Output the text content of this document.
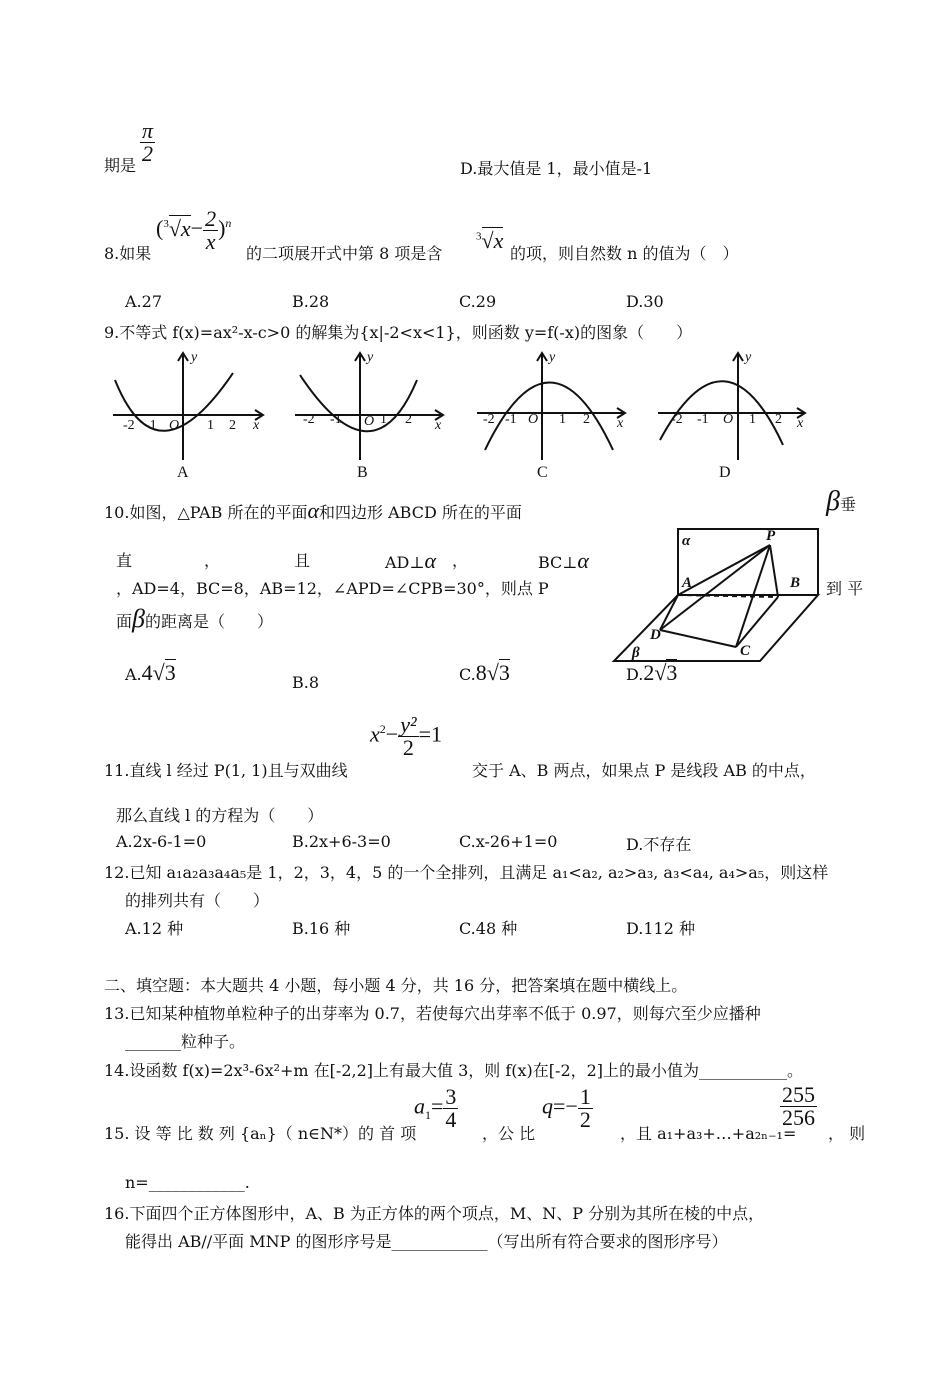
期是
$\frac{\pi}{2}$
D.最大值是 1，最小值是-1
8.如果
$(^3√x- \frac{2}{x} )^n$
的二项展开式中第 8 项是含
$^3$√x
的项，则自然数 n 的值为（　）
A.27	B.28	C.29	D.30
9.不等式 f(x)=ax²-x-c>0 的解集为{x|-2<x<1}，则函数 y=f(-x)的图象（　　）
y
x
O
-2 -1	1 2
A
y
x
O
-2 -1	1 2
B
y
x
O
-2 -1	1 2
C
y
x
O
-2 -1	1 2
D
10.如图，△PAB 所在的平面α和四边形 ABCD 所在的平面	β垂
直	，	且	AD⊥α ，	BC⊥α
，AD=4，BC=8，AB=12，∠APD=∠CPB=30°，则点 P	到 平
面β的距离是（　　）
A.4√3	B.8	C.8√3	D.2√3
α	P
A	B
D
C
β
$x^2- \frac{\text{y²}}{2} =1$
11.直线 l 经过 P(1, 1)且与双曲线	交于 A、B 两点，如果点 P 是线段 AB 的中点，
那么直线 l 的方程为（　　）
A.2x-6-1=0	B.2x+6-3=0	C.x-26+1=0	D.不存在
12.已知 a₁a₂a₃a₄a₅是 1，2，3，4，5 的一个全排列，且满足 a₁<a₂, a₂>a₃, a₃<a₄, a₄>a₅，则这样
的排列共有（　　）
A.12 种	B.16 种	C.48 种	D.112 种
二、填空题：本大题共 4 小题，每小题 4 分，共 16 分，把答案填在题中横线上。
13.已知某种植物单粒种子的出芽率为 0.7，若使每穴出芽率不低于 0.97，则每穴至少应播种
_______粒种子。
14.设函数 f(x)=2x³-6x²+m 在[-2,2]上有最大值 3，则 f(x)在[-2，2]上的最小值为___________。
15. 设 等 比 数 列 {aₙ}（ n∈N*）的 首 项
$a_1= \frac{3}{4}$
，公 比
$q=- \frac{1}{2}$
，且 a₁+a₃+…+a₂ₙ₋₁=
$\frac{255}{256}$
， 则
n=____________.
16.下面四个正方体图形中，A、B 为正方体的两个项点，M、N、P 分别为其所在棱的中点，
能得出 AB//平面 MNP 的图形序号是____________（写出所有符合要求的图形序号）
